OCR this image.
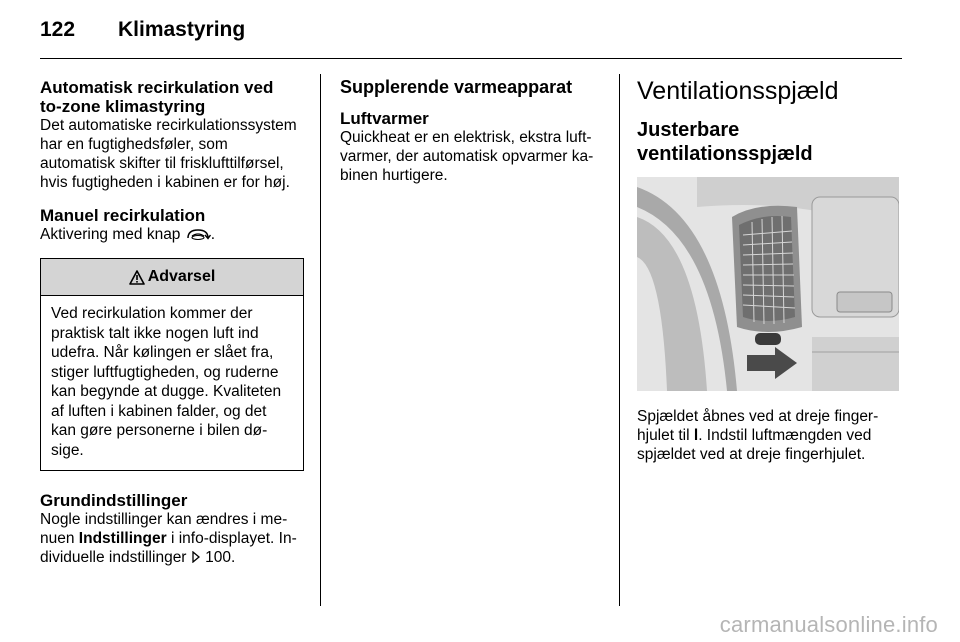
122 Klimastyring
Automatisk recirkulation ved
to-zone klimastyring

Det automatiske recirkulationssystem har en fugtighedsføler, som automatisk skifter til frisklufttilførsel, hvis fugtigheden i kabinen er for høj.

Manuel recirkulation

Aktivering med knap .

Advarsel
Ved recirkulation kommer der praktisk talt ikke nogen luft ind udefra. Når kølingen er slået fra, stiger luftfugtigheden, og ruderne kan begynde at dugge. Kvaliteten af luften i kabinen falder, og det kan gøre personerne i bilen døsige.
Grundindstillinger

Nogle indstillinger kan ændres i menuen Indstillinger i info-displayet. Individuelle indstillinger  100.

Supplerende varmeapparat
Luftvarmer

Quickheat er en elektrisk, ekstra luftvarmer, der automatisk opvarmer kabinen hurtigere.

Ventilationsspjæld
Justerbare ventilationsspjæld

Spjældet åbnes ved at dreje fingerhjulet til l. Indstil luftmængden ved spjældet ved at dreje fingerhjulet.

carmanualsonline.info
